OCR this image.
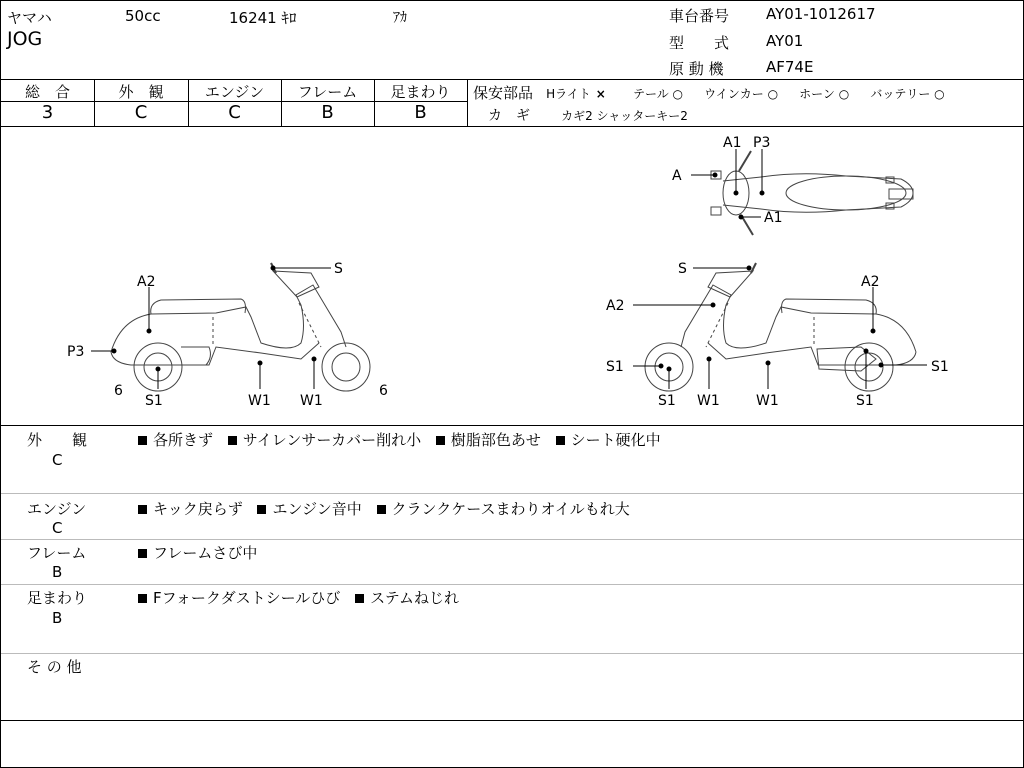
ヤマハ	50cc	16241 ｷﾛ	ｱｶ
JOG
車台番号 AY01-1012617
型　　式 AY01
原 動 機	AF74E
総　合	外　観	エンジン	フレーム	足まわり
3	C	C	B	B
保安部品 Hライト × テール ○ ウインカー ○ ホーン ○ バッテリー ○
カ　ギ	カギ2 シャッターキー2
A1 P3
A
A1
S
A2
P3
6
S1	W1 W1
6
S
A2
A2
S1	S1
S1 W1	W1	S1
外　　観
C
各所きず サイレンサーカバー削れ小 樹脂部色あせ シート硬化中
エンジン
C
キック戻らず エンジン音中 クランクケースまわりオイルもれ大
フレーム
B
フレームさび中
足まわり
B
Fフォークダストシールひび ステムねじれ
そ の 他
